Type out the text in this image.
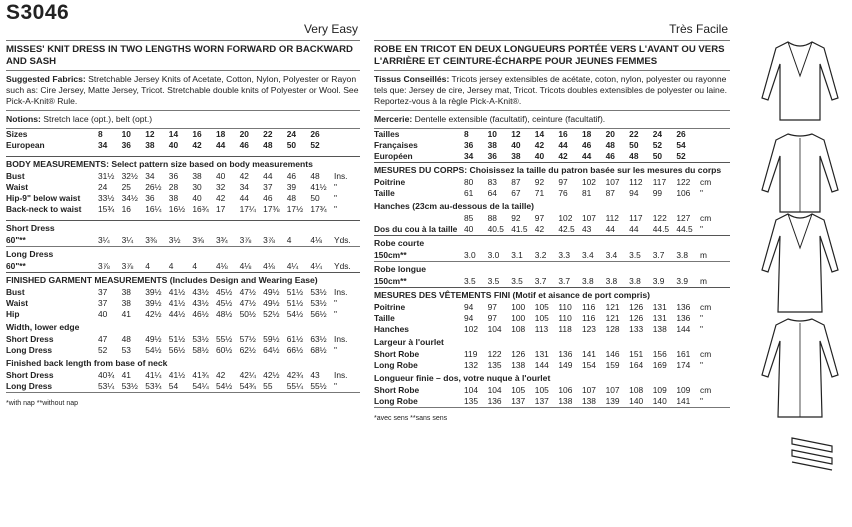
S3046
Very Easy
MISSES' KNIT DRESS IN TWO LENGTHS WORN FORWARD OR BACKWARD AND SASH
Suggested Fabrics: Stretchable Jersey Knits of Acetate, Cotton, Nylon, Polyester or Rayon such as: Cire Jersey, Matte Jersey, Tricot. Stretchable double knits of Polyester or Wool. See Pick-A-Knit® Rule.
Notions: Stretch lace (opt.), belt (opt.)
Sizes	8	10	12	14	16	18	20	22	24	26	
European	34	36	38	40	42	44	46	48	50	52	
BODY MEASUREMENTS: Select pattern size based on body measurements
Bust	31½	32½	34	36	38	40	42	44	46	48	Ins.
Waist	24	25	26½	28	30	32	34	37	39	41½	"
Hip-9" below waist	33½	34½	36	38	40	42	44	46	48	50	"
Back-neck to waist	15¾	16	16¼	16½	16¾	17	17¼	17⅜	17½	17¾	"
Short Dress
60"**	3¼	3¼	3⅜	3½	3⅝	3¾	3⅞	3⅞	4	4⅛	Yds.
Long Dress
60"**	3⅞	3⅞	4	4	4	4⅛	4⅛	4⅛	4¼	4¼	Yds.
FINISHED GARMENT MEASUREMENTS (Includes Design and Wearing Ease)
Bust	37	38	39½	41½	43½	45½	47½	49½	51½	53½	Ins.
Waist	37	38	39½	41½	43½	45½	47½	49½	51½	53½	"
Hip	40	41	42½	44½	46½	48½	50½	52½	54½	56½	"
Width, lower edge
Short Dress	47	48	49½	51½	53½	55½	57½	59½	61½	63½	Ins.
Long Dress	52	53	54½	56½	58½	60½	62½	64½	66½	68½	"
Finished back length from base of neck
Short Dress	40¾	41	41¼	41½	41¾	42	42¼	42½	42¾	43	Ins.
Long Dress	53¼	53½	53¾	54	54¼	54½	54¾	55	55¼	55½	"
*with nap **without nap
Très Facile
ROBE EN TRICOT EN DEUX LONGUEURS PORTÉE VERS L'AVANT OU VERS L'ARRIÈRE ET CEINTURE-ÉCHARPE POUR JEUNES FEMMES
Tissus Conseillés: Tricots jersey extensibles de acétate, coton, nylon, polyester ou rayonne tels que: Jersey de cire, Jersey mat, Tricot. Tricots doubles extensibles de polyester ou laine. Reportez-vous à la règle Pick-A-Knit®.
Mercerie: Dentelle extensible (facultatif), ceinture (facultatif).
Tailles	8	10	12	14	16	18	20	22	24	26	
Françaises	36	38	40	42	44	46	48	50	52	54	
Européen	34	36	38	40	42	44	46	48	50	52	
MESURES DU CORPS: Choisissez la taille du patron basée sur les mesures du corps
Poitrine	80	83	87	92	97	102	107	112	117	122	cm
Taille	61	64	67	71	76	81	87	94	99	106	"
Hanches (23cm au-dessous de la taille)
	85	88	92	97	102	107	112	117	122	127	cm
Dos du cou à la taille	40	40.5	41.5	42	42.5	43	44	44	44.5	44.5	"
Robe courte
150cm**	3.0	3.0	3.1	3.2	3.3	3.4	3.4	3.5	3.7	3.8	m
Robe longue
150cm**	3.5	3.5	3.5	3.7	3.7	3.8	3.8	3.8	3.9	3.9	m
MESURES DES VÊTEMENTS FINI (Motif et aisance de port compris)
Poitrine	94	97	100	105	110	116	121	126	131	136	cm
Taille	94	97	100	105	110	116	121	126	131	136	"
Hanches	102	104	108	113	118	123	128	133	138	144	"
Largeur à l'ourlet
Short Robe	119	122	126	131	136	141	146	151	156	161	cm
Long Robe	132	135	138	144	149	154	159	164	169	174	"
Longueur finie – dos, votre nuque à l'ourlet
Short Robe	104	104	105	105	106	107	107	108	109	109	cm
Long Robe	135	136	137	137	138	138	139	140	140	141	"
*avec sens **sans sens
